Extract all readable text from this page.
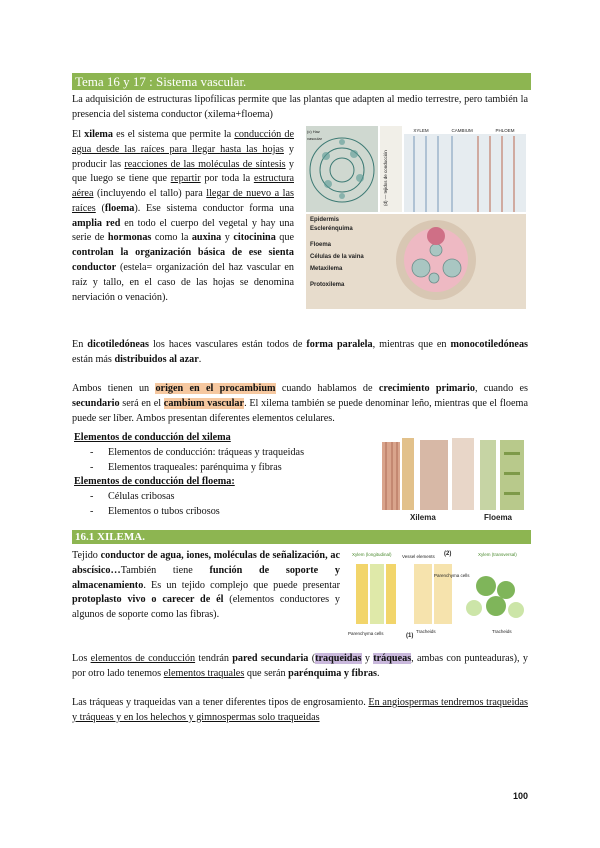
Tema 16 y 17 : Sistema vascular.

La adquisición de estructuras lipofílicas permite que las plantas que adapten al medio terrestre, pero también la presencia del sistema conductor (xilema+floema)

El xilema es el sistema que permite la conducción de agua desde las raíces para llegar hasta las hojas y producir las reacciones de las moléculas de síntesis y que luego se tiene que repartir por toda la estructura aérea (incluyendo el tallo) para llegar de nuevo a las raíces (floema). Ese sistema conductor forma una amplia red en todo el cuerpo del vegetal y hay una serie de hormonas como la auxina y citocinina que controlan la organización básica de ese sienta conductor (estela= organización del haz vascular en raíz y tallo, en el caso de las hojas se denomina nerviación o venación).

XYLEM	CAMBIUM	PHLOEM
(d) — tejidos de conducción
(c) Haz vascular
Epidermis
Esclerénquima
Floema
Células de la vaina
Metaxilema
Protoxilema

En dicotiledóneas los haces vasculares están todos de forma paralela, mientras que en monocotiledóneas están más distribuidos al azar.

Ambos tienen un origen en el procambium cuando hablamos de crecimiento primario, cuando es secundario será en el cambium vascular. El xilema también se puede denominar leño, mientras que el floema puede ser líber. Ambos presentan diferentes elementos celulares.

Elementos de conducción del xilema
- Elementos de conducción: tráqueas y traqueidas
- Elementos traqueales: parénquima y fibras
Elementos de conducción del floema:
- Células cribosas
- Elementos o tubos cribosos
Xilema	Floema
16.1 XILEMA.

Tejido conductor de agua, iones, moléculas de señalización, ac abscísico…También tiene función de soporte y almacenamiento. Es un tejido complejo que puede presentar protoplasto vivo o carecer de él (elementos conductores y algunos de soporte como las fibras).

Xylem (longitudinal) Vessel elements (2)	Xylem (transversal)
Parenchyma cells
Parenchyma cells	(1)
Tracheids	Tracheids

Los elementos de conducción tendrán pared secundaria (traqueidas y tráqueas, ambas con punteaduras), y por otro lado tenemos elementos traquales que serán parénquima y fibras.

Las tráqueas y traqueidas van a tener diferentes tipos de engrosamiento. En angiospermas tendremos traqueidas y tráqueas y en los helechos y gimnospermas solo traqueidas

100
